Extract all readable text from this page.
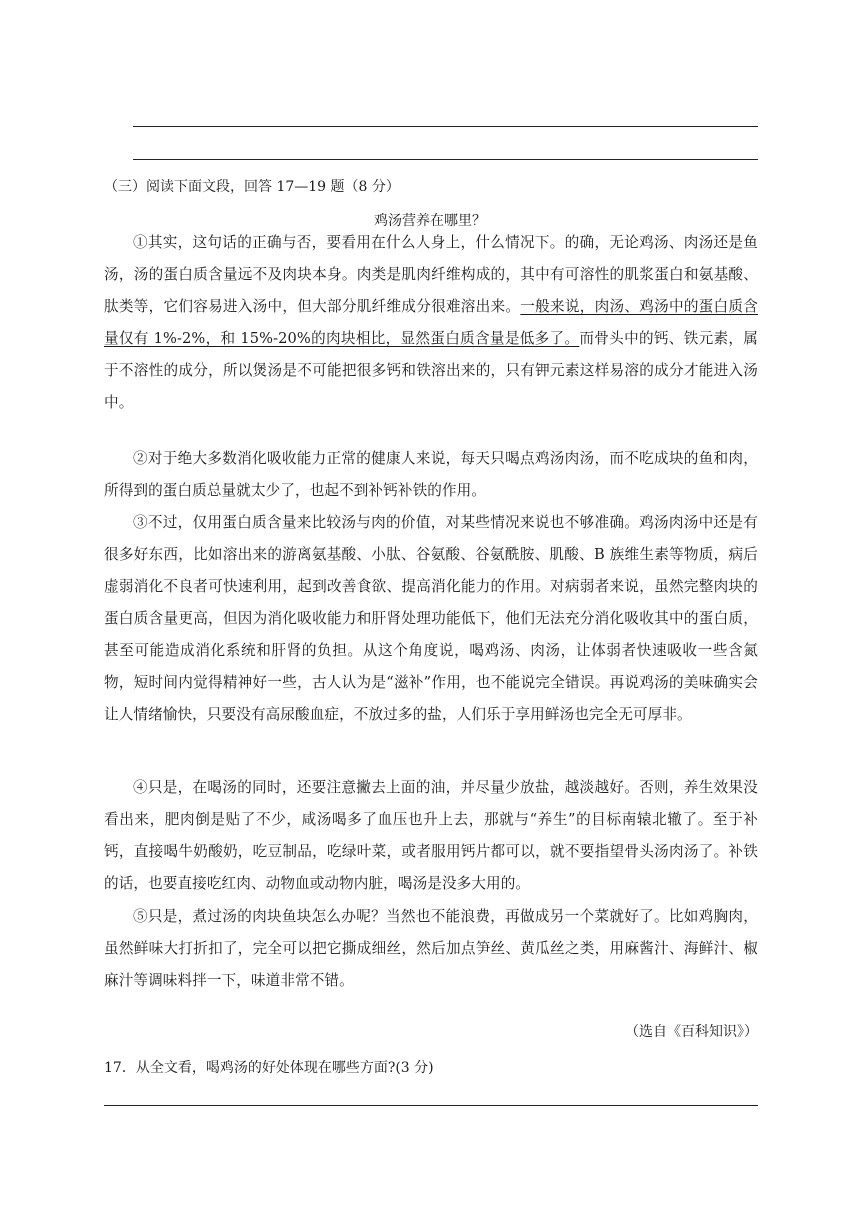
（三）阅读下面文段，回答 17—19 题（8 分）
鸡汤营养在哪里？
①其实，这句话的正确与否，要看用在什么人身上，什么情况下。的确，无论鸡汤、肉汤还是鱼汤，汤的蛋白质含量远不及肉块本身。肉类是肌肉纤维构成的，其中有可溶性的肌浆蛋白和氨基酸、肽类等，它们容易进入汤中，但大部分肌纤维成分很难溶出来。一般来说，肉汤、鸡汤中的蛋白质含量仅有 1%-2%，和 15%-20%的肉块相比，显然蛋白质含量是低多了。而骨头中的钙、铁元素，属于不溶性的成分，所以煲汤是不可能把很多钙和铁溶出来的，只有钾元素这样易溶的成分才能进入汤中。
②对于绝大多数消化吸收能力正常的健康人来说，每天只喝点鸡汤肉汤，而不吃成块的鱼和肉，所得到的蛋白质总量就太少了，也起不到补钙补铁的作用。
③不过，仅用蛋白质含量来比较汤与肉的价值，对某些情况来说也不够准确。鸡汤肉汤中还是有很多好东西，比如溶出来的游离氨基酸、小肽、谷氨酸、谷氨酰胺、肌酸、B 族维生素等物质，病后虚弱消化不良者可快速利用，起到改善食欲、提高消化能力的作用。对病弱者来说，虽然完整肉块的蛋白质含量更高，但因为消化吸收能力和肝肾处理功能低下，他们无法充分消化吸收其中的蛋白质，甚至可能造成消化系统和肝肾的负担。从这个角度说，喝鸡汤、肉汤，让体弱者快速吸收一些含氮物，短时间内觉得精神好一些，古人认为是“滋补”作用，也不能说完全错误。再说鸡汤的美味确实会让人情绪愉快，只要没有高尿酸血症，不放过多的盐，人们乐于享用鲜汤也完全无可厚非。
④只是，在喝汤的同时，还要注意撇去上面的油，并尽量少放盐，越淡越好。否则，养生效果没看出来，肥肉倒是贴了不少，咸汤喝多了血压也升上去，那就与“养生”的目标南辕北辙了。至于补钙，直接喝牛奶酸奶，吃豆制品，吃绿叶菜，或者服用钙片都可以，就不要指望骨头汤肉汤了。补铁的话，也要直接吃红肉、动物血或动物内脏，喝汤是没多大用的。
⑤只是，煮过汤的肉块鱼块怎么办呢？当然也不能浪费，再做成另一个菜就好了。比如鸡胸肉，虽然鲜味大打折扣了，完全可以把它撕成细丝，然后加点笋丝、黄瓜丝之类，用麻酱汁、海鲜汁、椒麻汁等调味料拌一下，味道非常不错。
（选自《百科知识》）
17．从全文看，喝鸡汤的好处体现在哪些方面?(3 分)
